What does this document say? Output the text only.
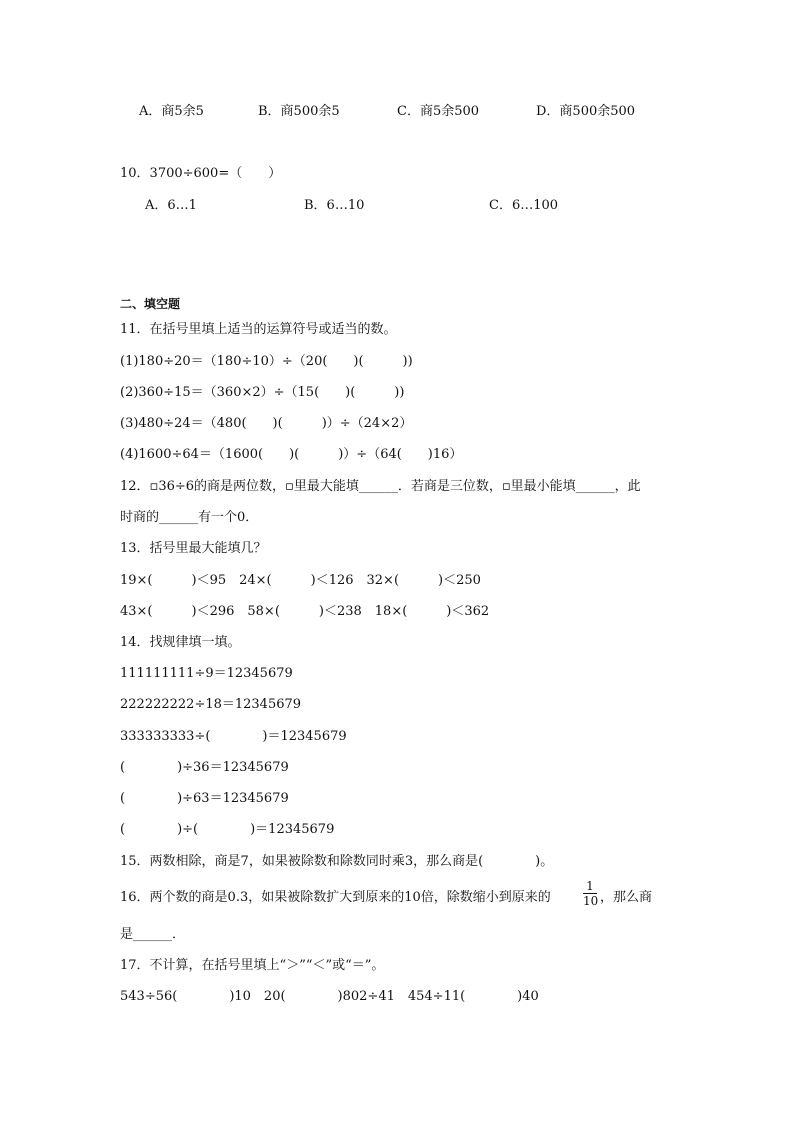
A．商5余5	B．商500余5	C．商5余500	D．商500余500
10．3700÷600=（　　）
A．6…1	B．6…10	C．6…100
二、填空题
11．在括号里填上适当的运算符号或适当的数。
(1)180÷20＝（180÷10）÷（20(　　)(　　　))
(2)360÷15＝（360×2）÷（15(　　)(　　　))
(3)480÷24＝（480(　　)(　　　)）÷（24×2）
(4)1600÷64＝（1600(　　)(　　　)）÷（64(　　)16）
12．▫36÷6的商是两位数，▫里最大能填______．若商是三位数，▫里最小能填______，此
时商的______有一个0．
13．括号里最大能填几？
19×(　　　)＜95　24×(　　　)＜126　32×(　　　)＜250
43×(　　　)＜296　58×(　　　)＜238　18×(　　　)＜362
14．找规律填一填。
111111111÷9＝12345679
222222222÷18＝12345679
333333333÷(　　　　)＝12345679
(　　　　)÷36＝12345679
(　　　　)÷63＝12345679
(　　　　)÷(　　　　)＝12345679
15．两数相除，商是7，如果被除数和除数同时乘3，那么商是(　　　　)。
16．两个数的商是0.3，如果被除数扩大到原来的10倍，除数缩小到原来的
1
10 ，那么商
是______．
17．不计算，在括号里填上“＞”“＜”或“＝”。
543÷56(　　　　)10　20(　　　　)802÷41　454÷11(　　　　)40
